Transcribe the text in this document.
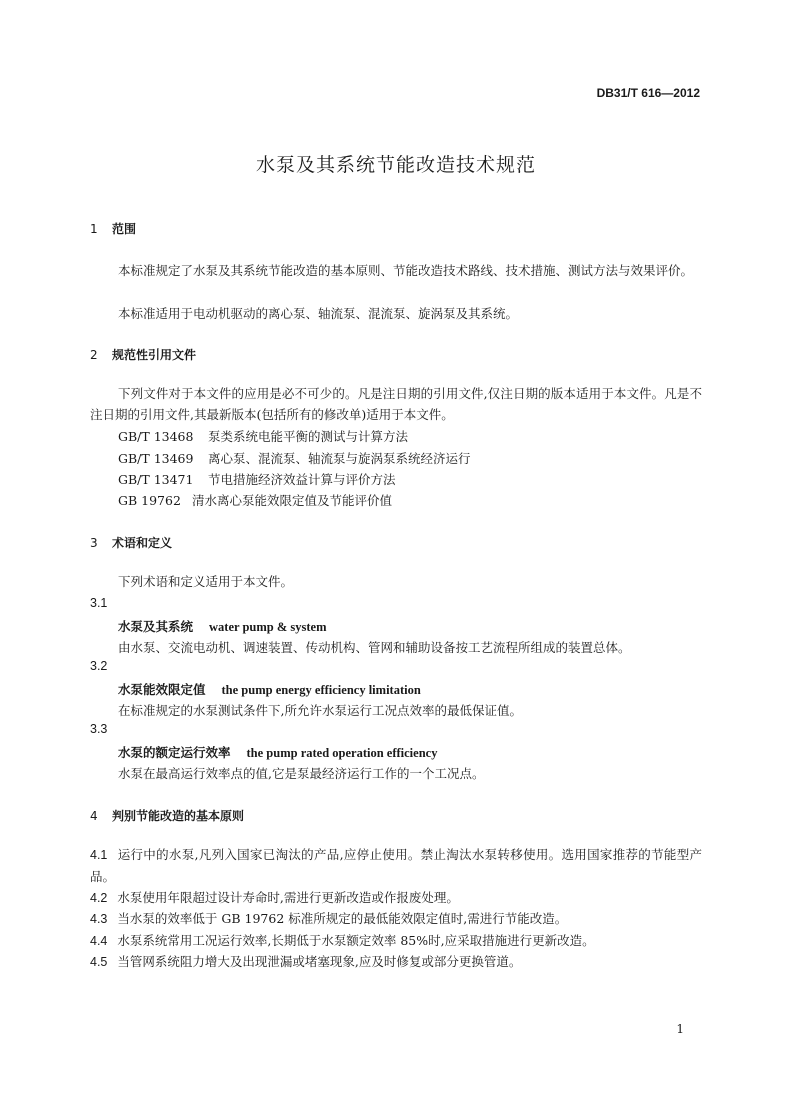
DB31/T 616—2012
水泵及其系统节能改造技术规范
1 范围
本标准规定了水泵及其系统节能改造的基本原则、节能改造技术路线、技术措施、测试方法与效果评价。
本标准适用于电动机驱动的离心泵、轴流泵、混流泵、旋涡泵及其系统。
2 规范性引用文件
下列文件对于本文件的应用是必不可少的。凡是注日期的引用文件,仅注日期的版本适用于本文件。凡是不注日期的引用文件,其最新版本(包括所有的修改单)适用于本文件。
GB/T 13468 泵类系统电能平衡的测试与计算方法
GB/T 13469 离心泵、混流泵、轴流泵与旋涡泵系统经济运行
GB/T 13471 节电措施经济效益计算与评价方法
GB 19762 清水离心泵能效限定值及节能评价值
3 术语和定义
下列术语和定义适用于本文件。
3.1
水泵及其系统 water pump & system
由水泵、交流电动机、调速装置、传动机构、管网和辅助设备按工艺流程所组成的装置总体。
3.2
水泵能效限定值 the pump energy efficiency limitation
在标准规定的水泵测试条件下,所允许水泵运行工况点效率的最低保证值。
3.3
水泵的额定运行效率 the pump rated operation efficiency
水泵在最高运行效率点的值,它是泵最经济运行工作的一个工况点。
4 判别节能改造的基本原则
4.1 运行中的水泵,凡列入国家已淘汰的产品,应停止使用。禁止淘汰水泵转移使用。选用国家推荐的节能型产品。
4.2 水泵使用年限超过设计寿命时,需进行更新改造或作报废处理。
4.3 当水泵的效率低于 GB 19762 标准所规定的最低能效限定值时,需进行节能改造。
4.4 水泵系统常用工况运行效率,长期低于水泵额定效率 85%时,应采取措施进行更新改造。
4.5 当管网系统阻力增大及出现泄漏或堵塞现象,应及时修复或部分更换管道。
1
